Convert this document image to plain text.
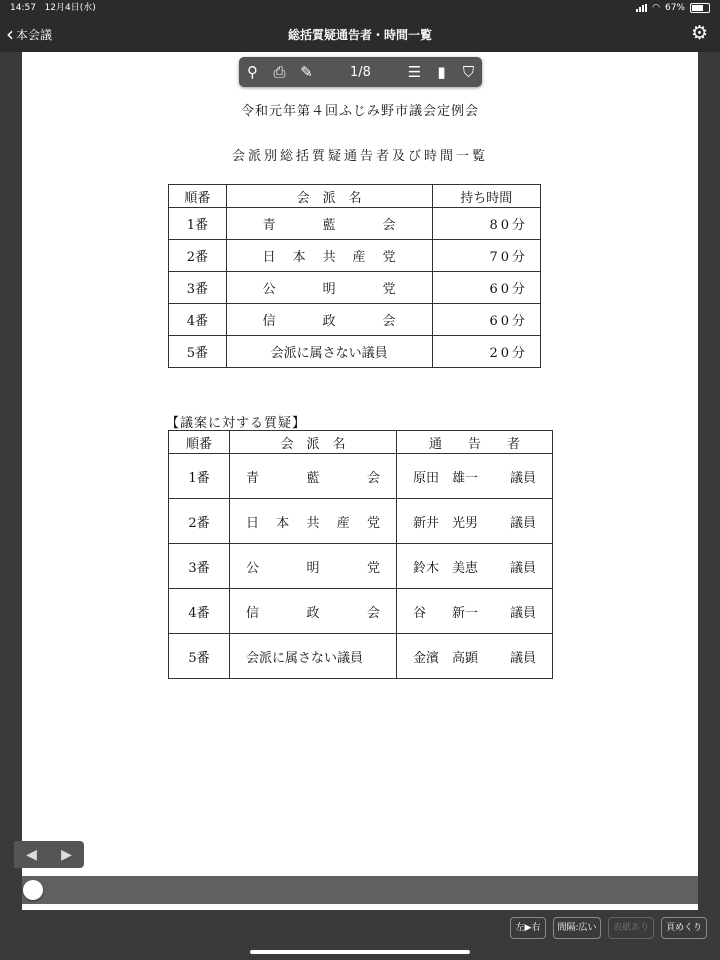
14:57 12月4日(水)	◠ 67%
‹ 本会議	総括質疑通告者・時間一覧	⚙
令和元年第４回ふじみ野市議会定例会
会派別総括質疑通告者及び時間一覧
順番	会　派　名	持ち時間
1番	青 藍 会	80分
2番	日 本 共 産 党	70分
3番	公 明 党	60分
4番	信 政 会	60分
5番	会派に属さない議員	20分
【議案に対する質疑】
順番	会　派　名	通　　告　　者
1番	青 藍 会	原田　雄一 議員

2番	日 本 共 産 党	新井　光男 議員

3番	公 明 党	鈴木　美恵 議員

4番	信 政 会	谷　　新一 議員

5番	会派に属さない議員	金濱　高顕 議員
⚲	⎙ ✎	1/8	☰	▮	⛉
◀ ▶
左▶右	間隔:広い	表紙あり	頁めくり
